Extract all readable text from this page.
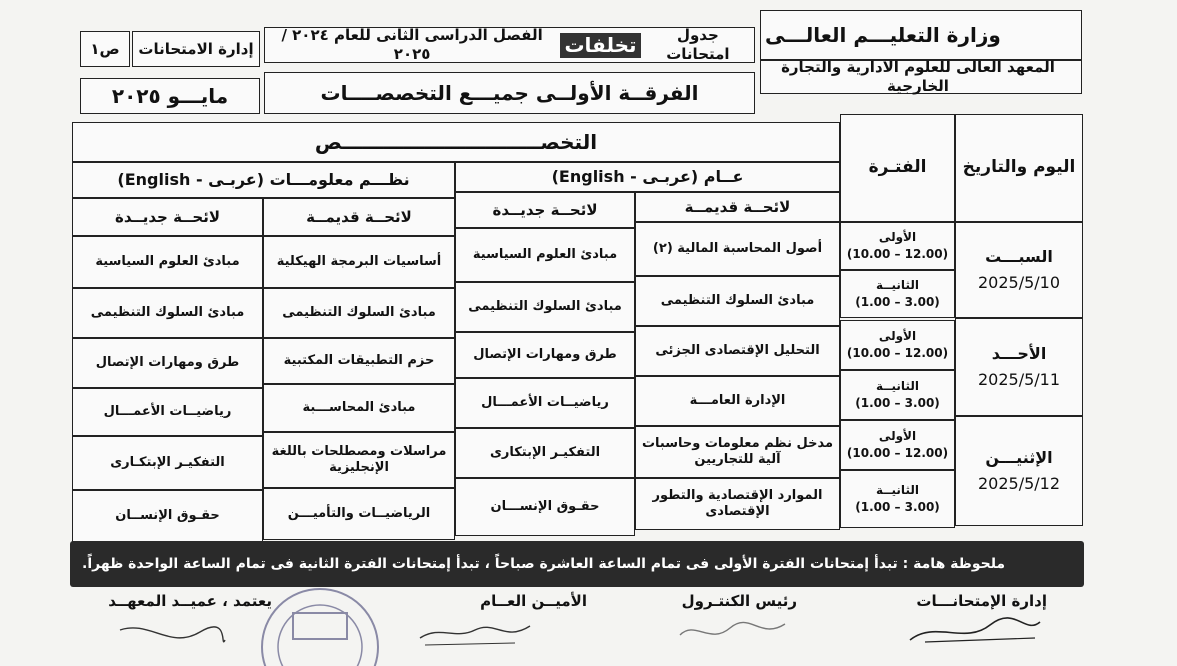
وزارة التعليـــم العالـــى
المعهد العالى للعلوم الادارية والتجارة الخارجية
جدول امتحانات

تخلفات

الفصل الدراسى الثانى للعام ٢٠٢٤ / ٢٠٢٥
الفرقــة الأولــى جميـــع التخصصــــات
إدارة الامتحانات
ص١
مايـــو ٢٠٢٥
اليوم والتاريخ
الفتـرة
التخصـــــــــــــــــــــــــــــص
عــام (عربـى - English)
نظـــم معلومـــات (عربـى - English)
لائحــة قديمــة
لائحــة جديــدة
لائحــة قديمــة
لائحــة جديــدة
السبـــت
2025/5/10
الأولى
(10.00 – 12.00)
الثانيــة
(1.00 – 3.00)
أصول المحاسبة المالية (٢)
مبادئ العلوم السياسية
أساسيات البرمجة الهيكلية
مبادئ العلوم السياسية
مبادئ السلوك التنظيمى
مبادئ السلوك التنظيمى
مبادئ السلوك التنظيمى
مبادئ السلوك التنظيمى
الأحـــد
2025/5/11
الأولى
(10.00 – 12.00)
الثانيــة
(1.00 – 3.00)
التحليل الإقتصادى الجزئى
طرق ومهارات الإتصال
حزم التطبيقات المكتبية
طرق ومهارات الإتصال
الإدارة العامـــة
رياضيــات الأعمـــال
مبادئ المحاســـبة
رياضيــات الأعمـــال
الإثنيـــن
2025/5/12
الأولى
(10.00 – 12.00)
الثانيــة
(1.00 – 3.00)
مدخل نظم معلومات وحاسبات آلية للتجاريين
التفكيـر الإبتكارى
مراسلات ومصطلحات باللغة الإنجليزية
التفكيـر الإبتكـارى
الموارد الإقتصادية والتطور الإقتصادى
حقـوق الإنســـان
الرياضيــات والتأميـــن
حقـوق الإنســان
ملحوظة هامة : تبدأ إمتحانات الفترة الأولى فى تمام الساعة العاشرة صباحاً ، تبدأ إمتحانات الفترة الثانية فى تمام الساعة الواحدة ظهراً.
إدارة الإمتحانـــات
رئيس الكنتـرول
الأميــن العــام
يعتمد ، عميــد المعهــد
